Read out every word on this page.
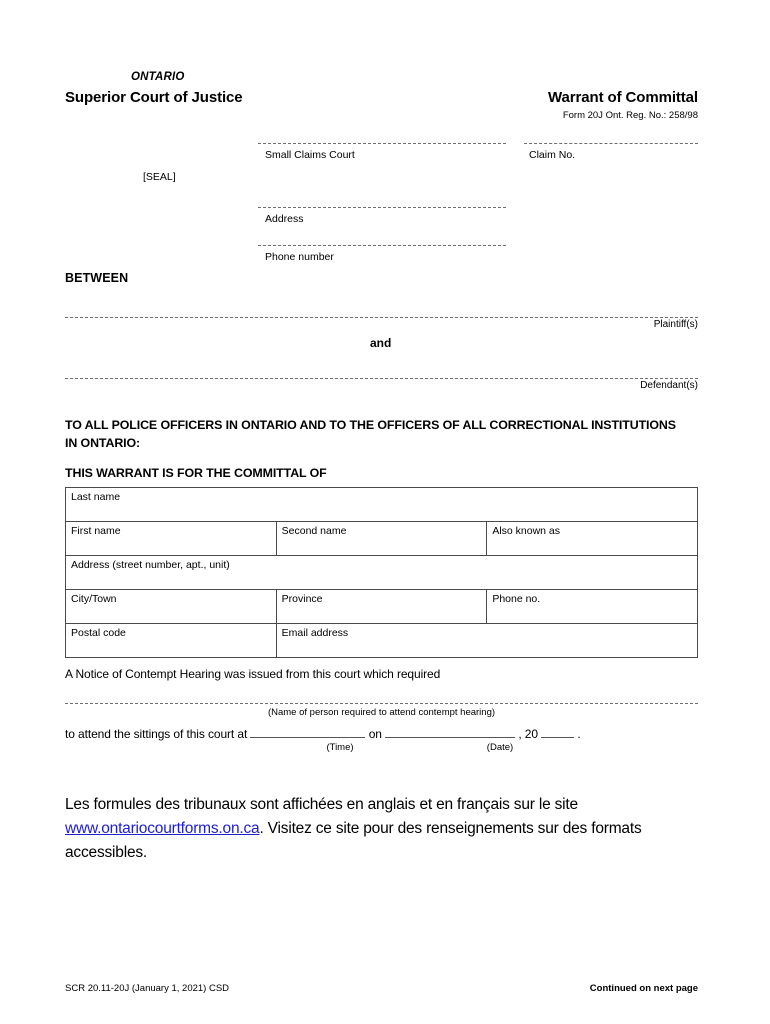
ONTARIO
Superior Court of Justice	Warrant of Committal
Form 20J Ont. Reg. No.: 258/98
Small Claims Court	Claim No.
[SEAL]
Address
Phone number
BETWEEN
Plaintiff(s)
and
Defendant(s)
TO ALL POLICE OFFICERS IN ONTARIO AND TO THE OFFICERS OF ALL CORRECTIONAL INSTITUTIONS IN ONTARIO:
THIS WARRANT IS FOR THE COMMITTAL OF
Last name		
First name	Second name	Also known as
Address (street number, apt., unit)		
City/Town	Province	Phone no.
Postal code	Email address	
A Notice of Contempt Hearing was issued from this court which required
(Name of person required to attend contempt hearing)
to attend the sittings of this court at	on	, 20	.
(Time)	(Date)
Les formules des tribunaux sont affichées en anglais et en français sur le site www.ontariocourtforms.on.ca. Visitez ce site pour des renseignements sur des formats accessibles.
SCR 20.11-20J (January 1, 2021) CSD	Continued on next page
